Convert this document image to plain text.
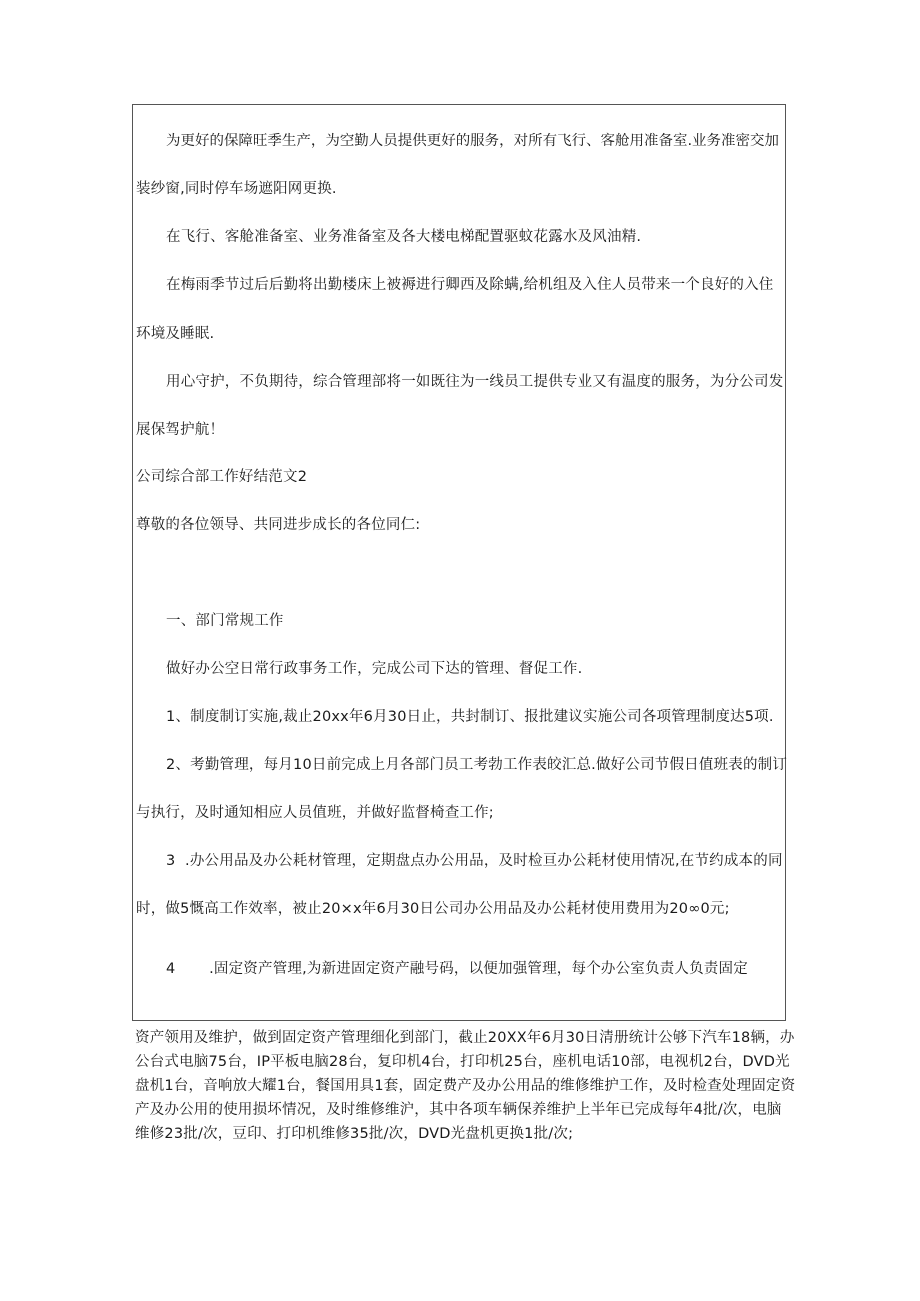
为更好的保障旺季生产，为空勤人员提供更好的服务，对所有飞行、客舱用准备室.业务准密交加
装纱窗,同时停车场遮阳网更换.
在飞行、客舱准备室、业务准备室及各大楼电梯配置驱蚊花露水及风油精.
在梅雨季节过后后勤将出勤楼床上被褥进行卿西及除螨,给机组及入住人员带来一个良好的入住
环境及睡眠.
用心守护，不负期待，综合管理部将一如既往为一线员工提供专业又有温度的服务，为分公司发
展保驾护航！
公司综合部工作好结范文2
尊敬的各位领导、共同进步成长的各位同仁:
一、部门常规工作
做好办公空日常行政事务工作，完成公司下达的管理、督促工作.
1、制度制订实施,裁止20xx年6月30日止，共封制订、报批建议实施公司各项管理制度达5项.
2、考勤管理，每月10日前完成上月各部门员工考勃工作表皎汇总.做好公司节假日值班表的制订
与执行，及时通知相应人员值班，并做好监督椅查工作;
3  .办公用品及办公耗材管理，定期盘点办公用品，及时检亘办公耗材使用情况,在节约成本的同
时，做5慨高工作效率，被止20×x年6月30日公司办公用品及办公耗材使用费用为20∞0元;
4       .固定资产管理,为新进固定资产融号码，以便加强管理，每个办公室负责人负责固定
资产领用及维护，做到固定资产管理细化到部门，截止20XX年6月30日清册统计公够下汽车18辆，办
公台式电脑75台，IP平板电脑28台，复印机4台，打印机25台，座机电话10部，电视机2台，DVD光
盘机1台，音响放大耀1台，餐国用具1套，固定费产及办公用品的维修维护工作，及时检查处理固定资
产及办公用的使用损坏情况，及时维修维沪，其中各项车辆保养维护上半年已完成每年4批/次，电脑
维修23批/次，豆印、打印机维修35批/次，DVD光盘机更换1批/次;
